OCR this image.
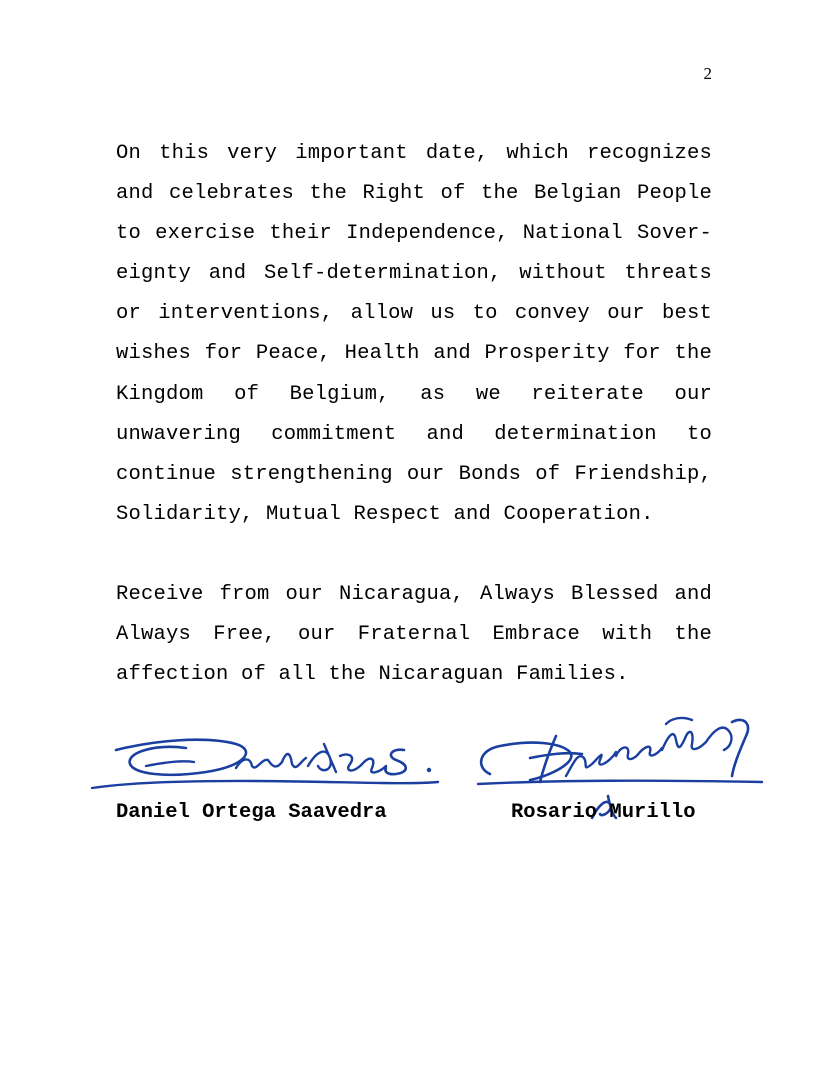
2

On this very important date, which recognizes and celebrates the Right of the Belgian People to exercise their Independence, National Sover-eignty and Self-determination, without threats or interventions, allow us to convey our best wishes for Peace, Health and Prosperity for the Kingdom of Belgium, as we reiterate our unwavering commitment and determination to continue strengthening our Bonds of Friendship, Solidarity, Mutual Respect and Cooperation.

Receive from our Nicaragua, Always Blessed and Always Free, our Fraternal Embrace with the affection of all the Nicaraguan Families.

Daniel Ortega Saavedra	Rosario Murillo
